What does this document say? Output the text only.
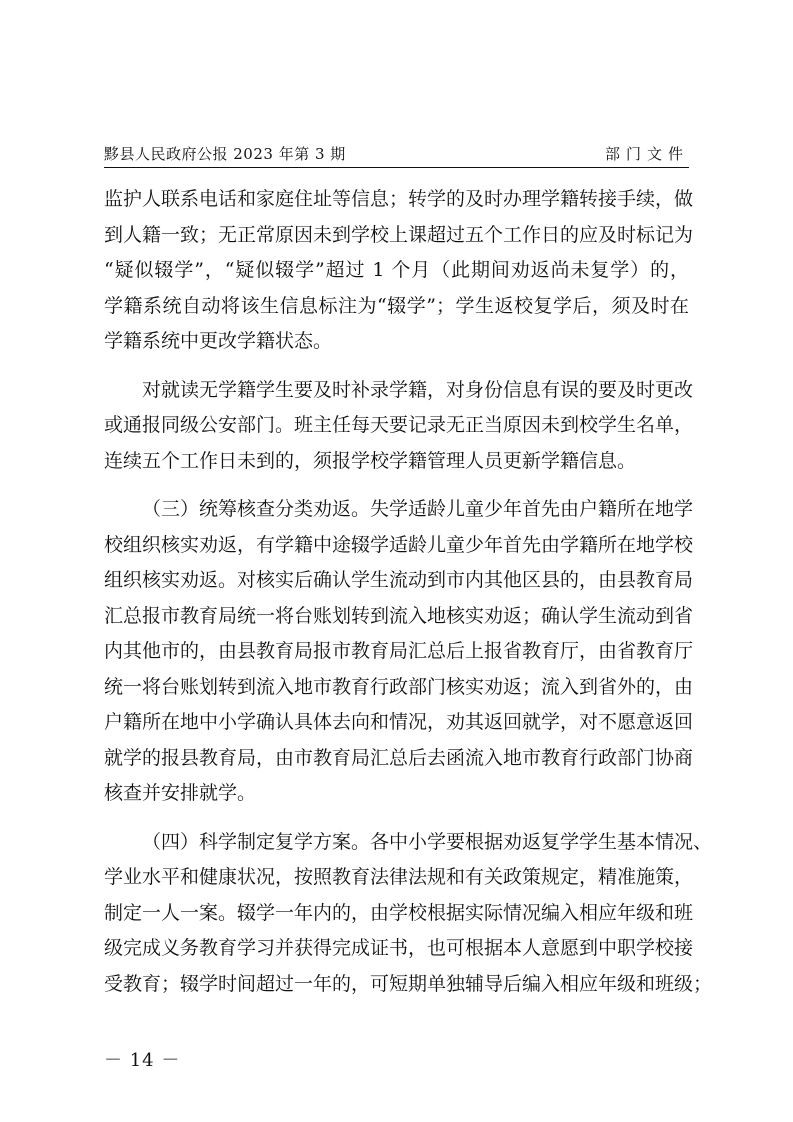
黟县人民政府公报 2023 年第 3 期	部门文件

监护人联系电话和家庭住址等信息；转学的及时办理学籍转接手续，做
到人籍一致；无正常原因未到学校上课超过五个工作日的应及时标记为
“疑似辍学”，“疑似辍学”超过 1 个月（此期间劝返尚未复学）的，
学籍系统自动将该生信息标注为“辍学”；学生返校复学后，须及时在
学籍系统中更改学籍状态。

对就读无学籍学生要及时补录学籍，对身份信息有误的要及时更改
或通报同级公安部门。班主任每天要记录无正当原因未到校学生名单，
连续五个工作日未到的，须报学校学籍管理人员更新学籍信息。

（三）统筹核查分类劝返。失学适龄儿童少年首先由户籍所在地学
校组织核实劝返，有学籍中途辍学适龄儿童少年首先由学籍所在地学校
组织核实劝返。对核实后确认学生流动到市内其他区县的，由县教育局
汇总报市教育局统一将台账划转到流入地核实劝返；确认学生流动到省
内其他市的，由县教育局报市教育局汇总后上报省教育厅，由省教育厅
统一将台账划转到流入地市教育行政部门核实劝返；流入到省外的，由
户籍所在地中小学确认具体去向和情况，劝其返回就学，对不愿意返回
就学的报县教育局，由市教育局汇总后去函流入地市教育行政部门协商
核查并安排就学。

（四）科学制定复学方案。各中小学要根据劝返复学学生基本情况、
学业水平和健康状况，按照教育法律法规和有关政策规定，精准施策，
制定一人一案。辍学一年内的，由学校根据实际情况编入相应年级和班
级完成义务教育学习并获得完成证书，也可根据本人意愿到中职学校接
受教育；辍学时间超过一年的，可短期单独辅导后编入相应年级和班级；

－ 14 －
